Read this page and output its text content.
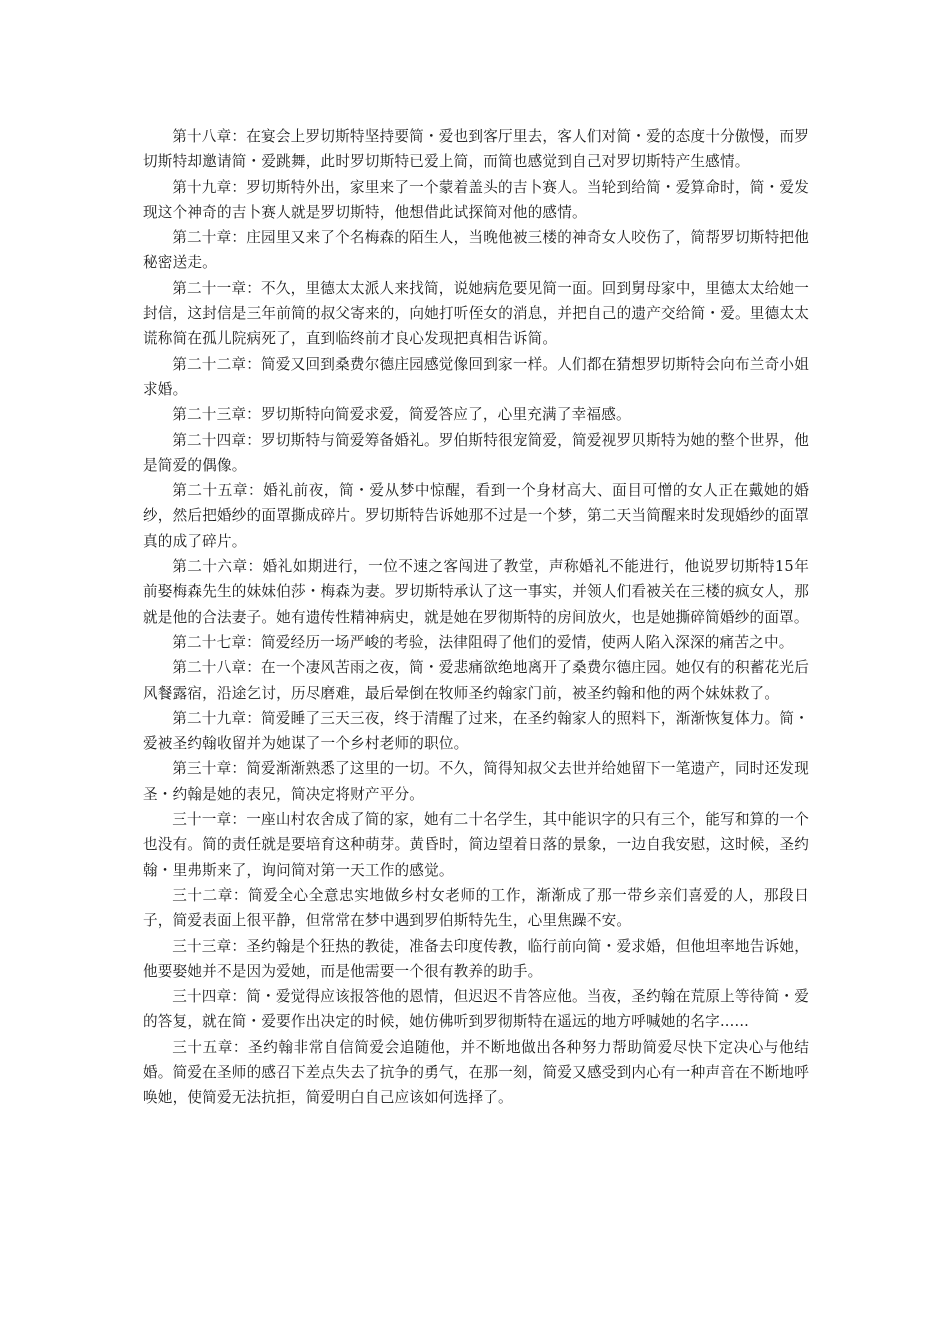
第十八章：在宴会上罗切斯特坚持要简・爱也到客厅里去，客人们对简・爱的态度十分傲慢，而罗切斯特却邀请简・爱跳舞，此时罗切斯特已爱上简，而简也感觉到自己对罗切斯特产生感情。

第十九章：罗切斯特外出，家里来了一个蒙着盖头的吉卜赛人。当轮到给简・爱算命时，简・爱发现这个神奇的吉卜赛人就是罗切斯特，他想借此试探简对他的感情。

第二十章：庄园里又来了个名梅森的陌生人，当晚他被三楼的神奇女人咬伤了，简帮罗切斯特把他秘密送走。

第二十一章：不久，里德太太派人来找简，说她病危要见简一面。回到舅母家中，里德太太给她一封信，这封信是三年前简的叔父寄来的，向她打听侄女的消息，并把自己的遗产交给简・爱。里德太太谎称简在孤儿院病死了，直到临终前才良心发现把真相告诉简。

第二十二章：简爱又回到桑费尔德庄园感觉像回到家一样。人们都在猜想罗切斯特会向布兰奇小姐求婚。

第二十三章：罗切斯特向简爱求爱，简爱答应了，心里充满了幸福感。

第二十四章：罗切斯特与简爱筹备婚礼。罗伯斯特很宠简爱，简爱视罗贝斯特为她的整个世界，他是简爱的偶像。

第二十五章：婚礼前夜，简・爱从梦中惊醒，看到一个身材高大、面目可憎的女人正在戴她的婚纱，然后把婚纱的面罩撕成碎片。罗切斯特告诉她那不过是一个梦，第二天当简醒来时发现婚纱的面罩真的成了碎片。

第二十六章：婚礼如期进行，一位不速之客闯进了教堂，声称婚礼不能进行，他说罗切斯特15年前娶梅森先生的妹妹伯莎・梅森为妻。罗切斯特承认了这一事实，并领人们看被关在三楼的疯女人，那就是他的合法妻子。她有遗传性精神病史，就是她在罗彻斯特的房间放火，也是她撕碎简婚纱的面罩。

第二十七章：简爱经历一场严峻的考验，法律阻碍了他们的爱情，使两人陷入深深的痛苦之中。

第二十八章：在一个凄风苦雨之夜，简・爱悲痛欲绝地离开了桑费尔德庄园。她仅有的积蓄花光后风餐露宿，沿途乞讨，历尽磨难，最后晕倒在牧师圣约翰家门前，被圣约翰和他的两个妹妹救了。

第二十九章：简爱睡了三天三夜，终于清醒了过来，在圣约翰家人的照料下，渐渐恢复体力。简・爱被圣约翰收留并为她谋了一个乡村老师的职位。

第三十章：简爱渐渐熟悉了这里的一切。不久，简得知叔父去世并给她留下一笔遗产，同时还发现圣・约翰是她的表兄，简决定将财产平分。

三十一章：一座山村农舍成了简的家，她有二十名学生，其中能识字的只有三个，能写和算的一个也没有。简的责任就是要培育这种萌芽。黄昏时，简边望着日落的景象，一边自我安慰，这时候，圣约翰・里弗斯来了，询问简对第一天工作的感觉。

三十二章：简爱全心全意忠实地做乡村女老师的工作，渐渐成了那一带乡亲们喜爱的人，那段日子，简爱表面上很平静，但常常在梦中遇到罗伯斯特先生，心里焦躁不安。

三十三章：圣约翰是个狂热的教徒，准备去印度传教，临行前向简・爱求婚，但他坦率地告诉她，他要娶她并不是因为爱她，而是他需要一个很有教养的助手。

三十四章：简・爱觉得应该报答他的恩情，但迟迟不肯答应他。当夜，圣约翰在荒原上等待简・爱的答复，就在简・爱要作出决定的时候，她仿佛听到罗彻斯特在遥远的地方呼喊她的名字......

三十五章：圣约翰非常自信简爱会追随他，并不断地做出各种努力帮助简爱尽快下定决心与他结婚。简爱在圣师的感召下差点失去了抗争的勇气，在那一刻，简爱又感受到内心有一种声音在不断地呼唤她，使简爱无法抗拒，简爱明白自己应该如何选择了。
